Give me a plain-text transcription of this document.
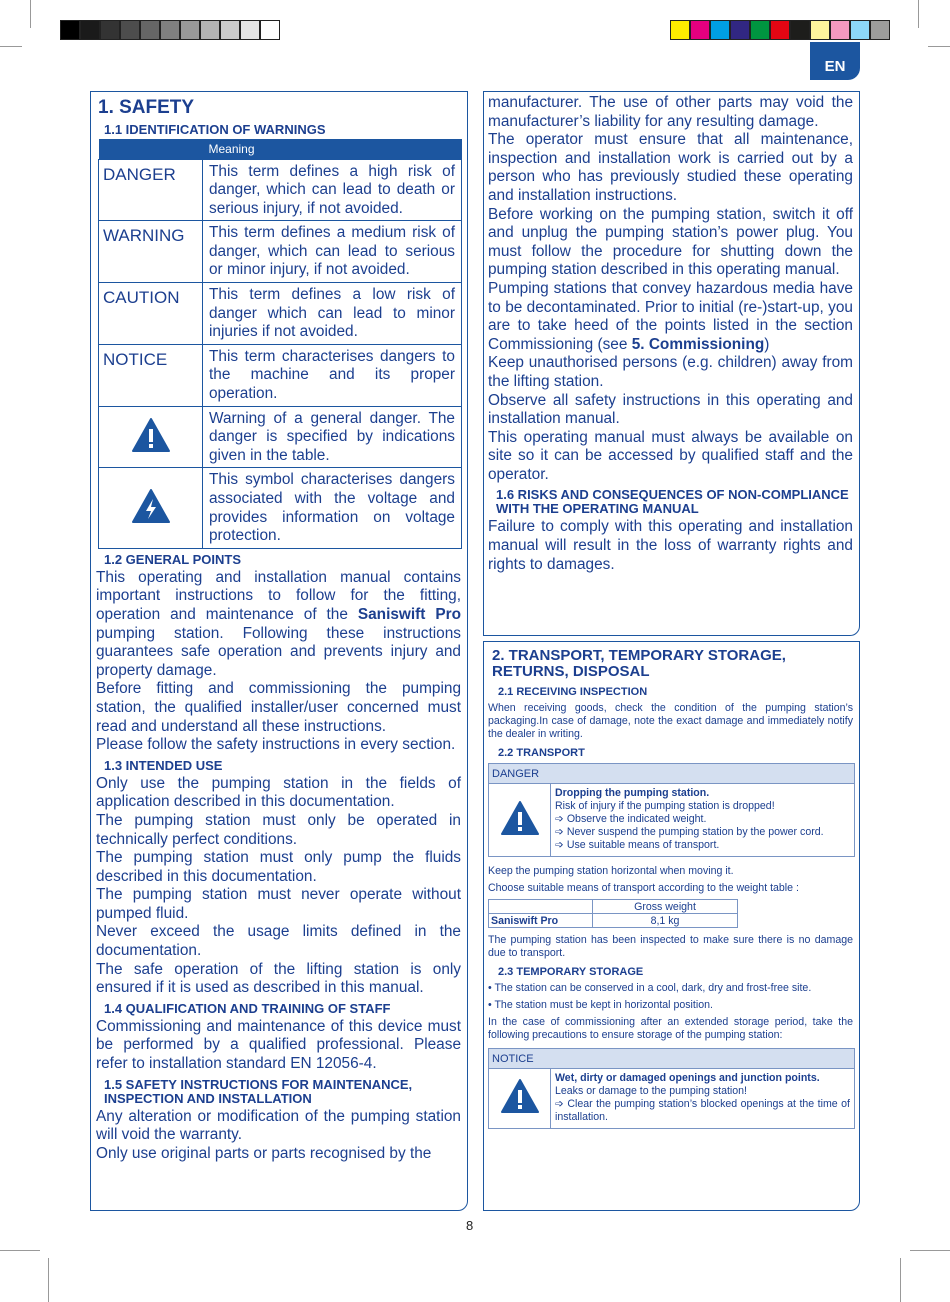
EN
1. SAFETY
1.1 IDENTIFICATION OF WARNINGS
	Meaning
DANGER	This term defines a high risk of danger, which can lead to death or serious injury, if not avoided.
WARNING	This term defines a medium risk of danger, which can lead to serious or minor injury, if not avoided.
CAUTION	This term defines a low risk of danger which can lead to minor injuries if not avoided.
NOTICE	This term characterises dangers to the machine and its proper operation.
	Warning of a general danger. The danger is specified by indications given in the table.
	This symbol characterises dangers associated with the voltage and provides information on voltage protection.
1.2 GENERAL POINTS
This operating and installation manual contains important instructions to follow for the fitting, operation and maintenance of the Saniswift Pro pumping station. Following these instructions guarantees safe operation and prevents injury and property damage.
Before fitting and commissioning the pumping station, the qualified installer/user concerned must read and understand all these instructions.
Please follow the safety instructions in every section.
1.3 INTENDED USE
Only use the pumping station in the fields of application described in this documentation.
The pumping station must only be operated in technically perfect conditions.
The pumping station must only pump the fluids described in this documentation.
The pumping station must never operate without pumped fluid.
Never exceed the usage limits defined in the documentation.
The safe operation of the lifting station is only ensured if it is used as described in this manual.
1.4 QUALIFICATION AND TRAINING OF STAFF
Commissioning and maintenance of this device must be performed by a qualified professional. Please refer to installation standard EN 12056-4.
1.5 SAFETY INSTRUCTIONS FOR MAINTENANCE, INSPECTION AND INSTALLATION
Any alteration or modification of the pumping station will void the warranty.
Only use original parts or parts recognised by the
manufacturer. The use of other parts may void the manufacturer’s liability for any resulting damage.
The operator must ensure that all maintenance, inspection and installation work is carried out by a person who has previously studied these operating and installation instructions.
Before working on the pumping station, switch it off and unplug the pumping station’s power plug. You must follow the procedure for shutting down the pumping station described in this operating manual.
Pumping stations that convey hazardous media have to be decontaminated. Prior to initial (re-)start-up, you are to take heed of the points listed in the section Commissioning (see 5. Commissioning)
Keep unauthorised persons (e.g. children) away from the lifting station.
Observe all safety instructions in this operating and installation manual.
This operating manual must always be available on site so it can be accessed by qualified staff and the operator.
1.6 RISKS AND CONSEQUENCES OF NON-COMPLIANCE WITH THE OPERATING MANUAL
Failure to comply with this operating and installation manual will result in the loss of warranty rights and rights to damages.
2. TRANSPORT, TEMPORARY STORAGE, RETURNS, DISPOSAL
2.1 RECEIVING INSPECTION
When receiving goods, check the condition of the pumping station’s packaging.In case of damage, note the exact damage and immediately notify the dealer in writing.
2.2 TRANSPORT
DANGER

Dropping the pumping station.
Risk of injury if the pumping station is dropped!
➩ Observe the indicated weight.
➩ Never suspend the pumping station by the power cord.
➩ Use suitable means of transport.
Keep the pumping station horizontal when moving it.
Choose suitable means of transport according to the weight table :
	Gross weight
Saniswift Pro	8,1 kg
The pumping station has been inspected to make sure there is no damage due to transport.
2.3 TEMPORARY STORAGE
• The station can be conserved in a cool, dark, dry and frost-free site.
• The station must be kept in horizontal position.
In the case of commissioning after an extended storage period, take the following precautions to ensure storage of the pumping station:
NOTICE

Wet, dirty or damaged openings and junction points.
Leaks or damage to the pumping station!
➩ Clear the pumping station’s blocked openings at the time of installation.
8
